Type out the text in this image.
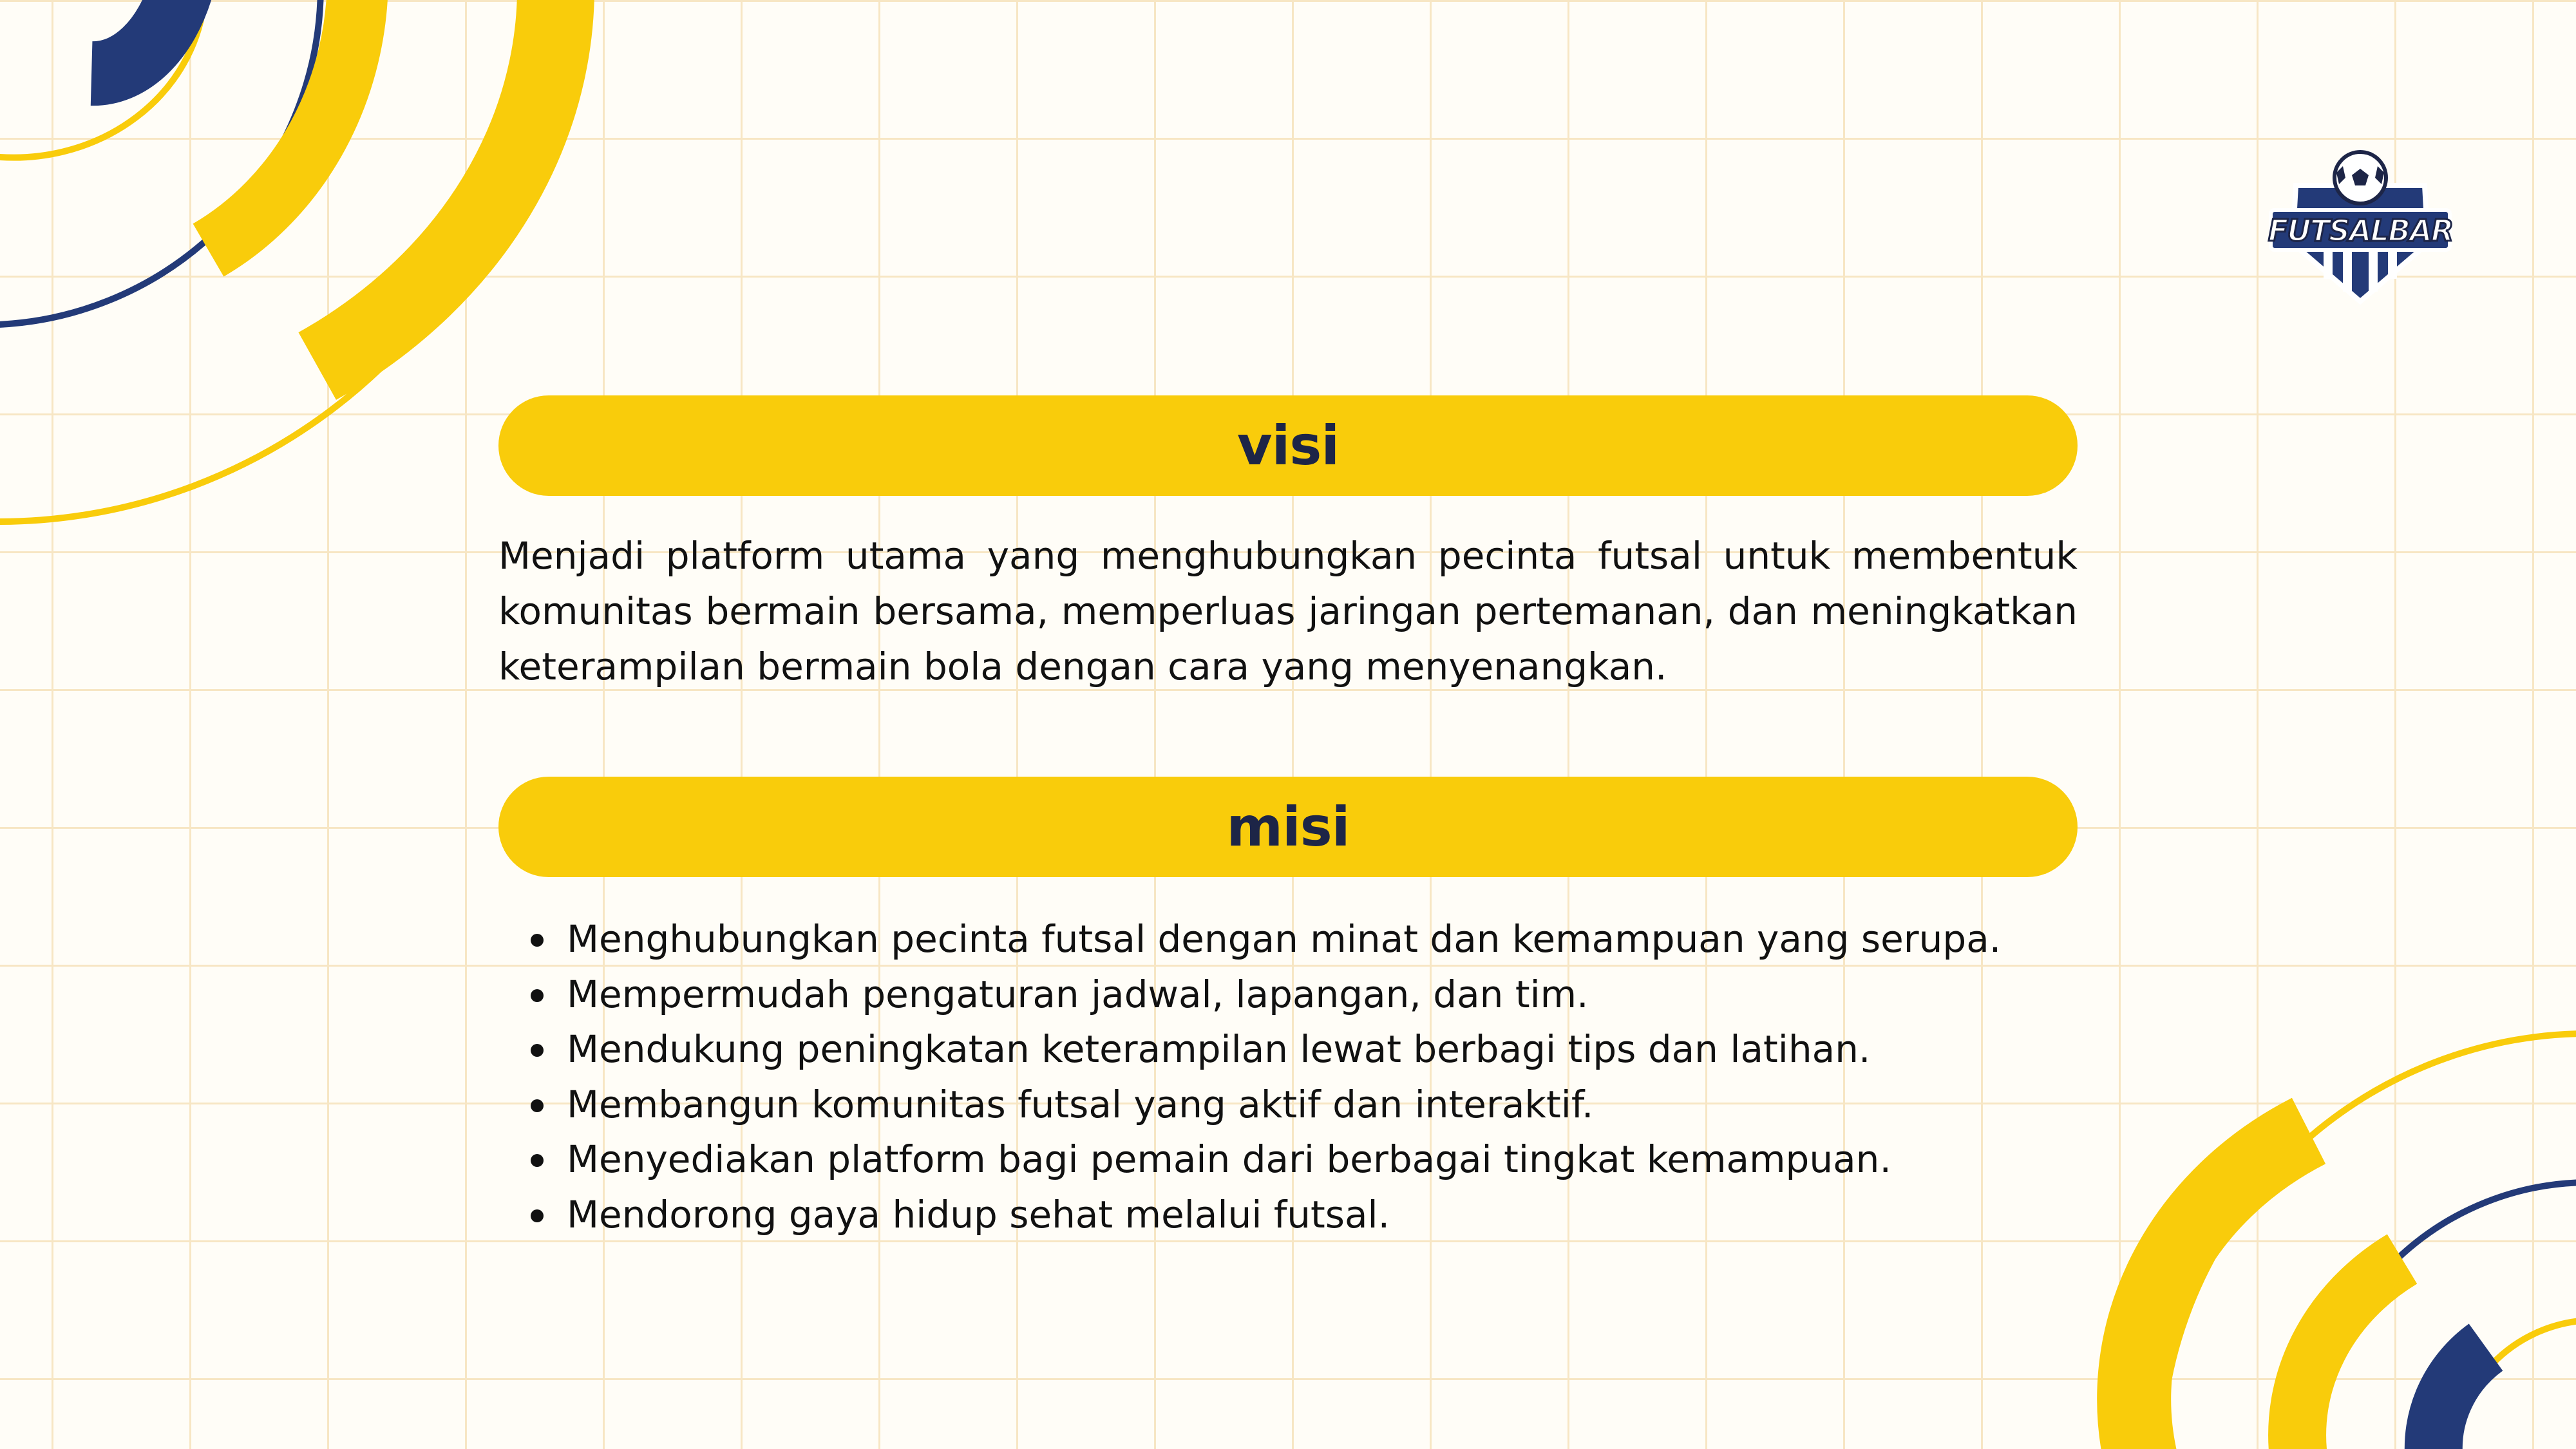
FUTSALBAR
visi
Menjadi platform utama yang menghubungkan pecinta futsal untuk membentuk komunitas bermain bersama, memperluas jaringan pertemanan, dan meningkatkan keterampilan bermain bola dengan cara yang menyenangkan.
misi
Menghubungkan pecinta futsal dengan minat dan kemampuan yang serupa.
Mempermudah pengaturan jadwal, lapangan, dan tim.
Mendukung peningkatan keterampilan lewat berbagi tips dan latihan.
Membangun komunitas futsal yang aktif dan interaktif.
Menyediakan platform bagi pemain dari berbagai tingkat kemampuan.
Mendorong gaya hidup sehat melalui futsal.
